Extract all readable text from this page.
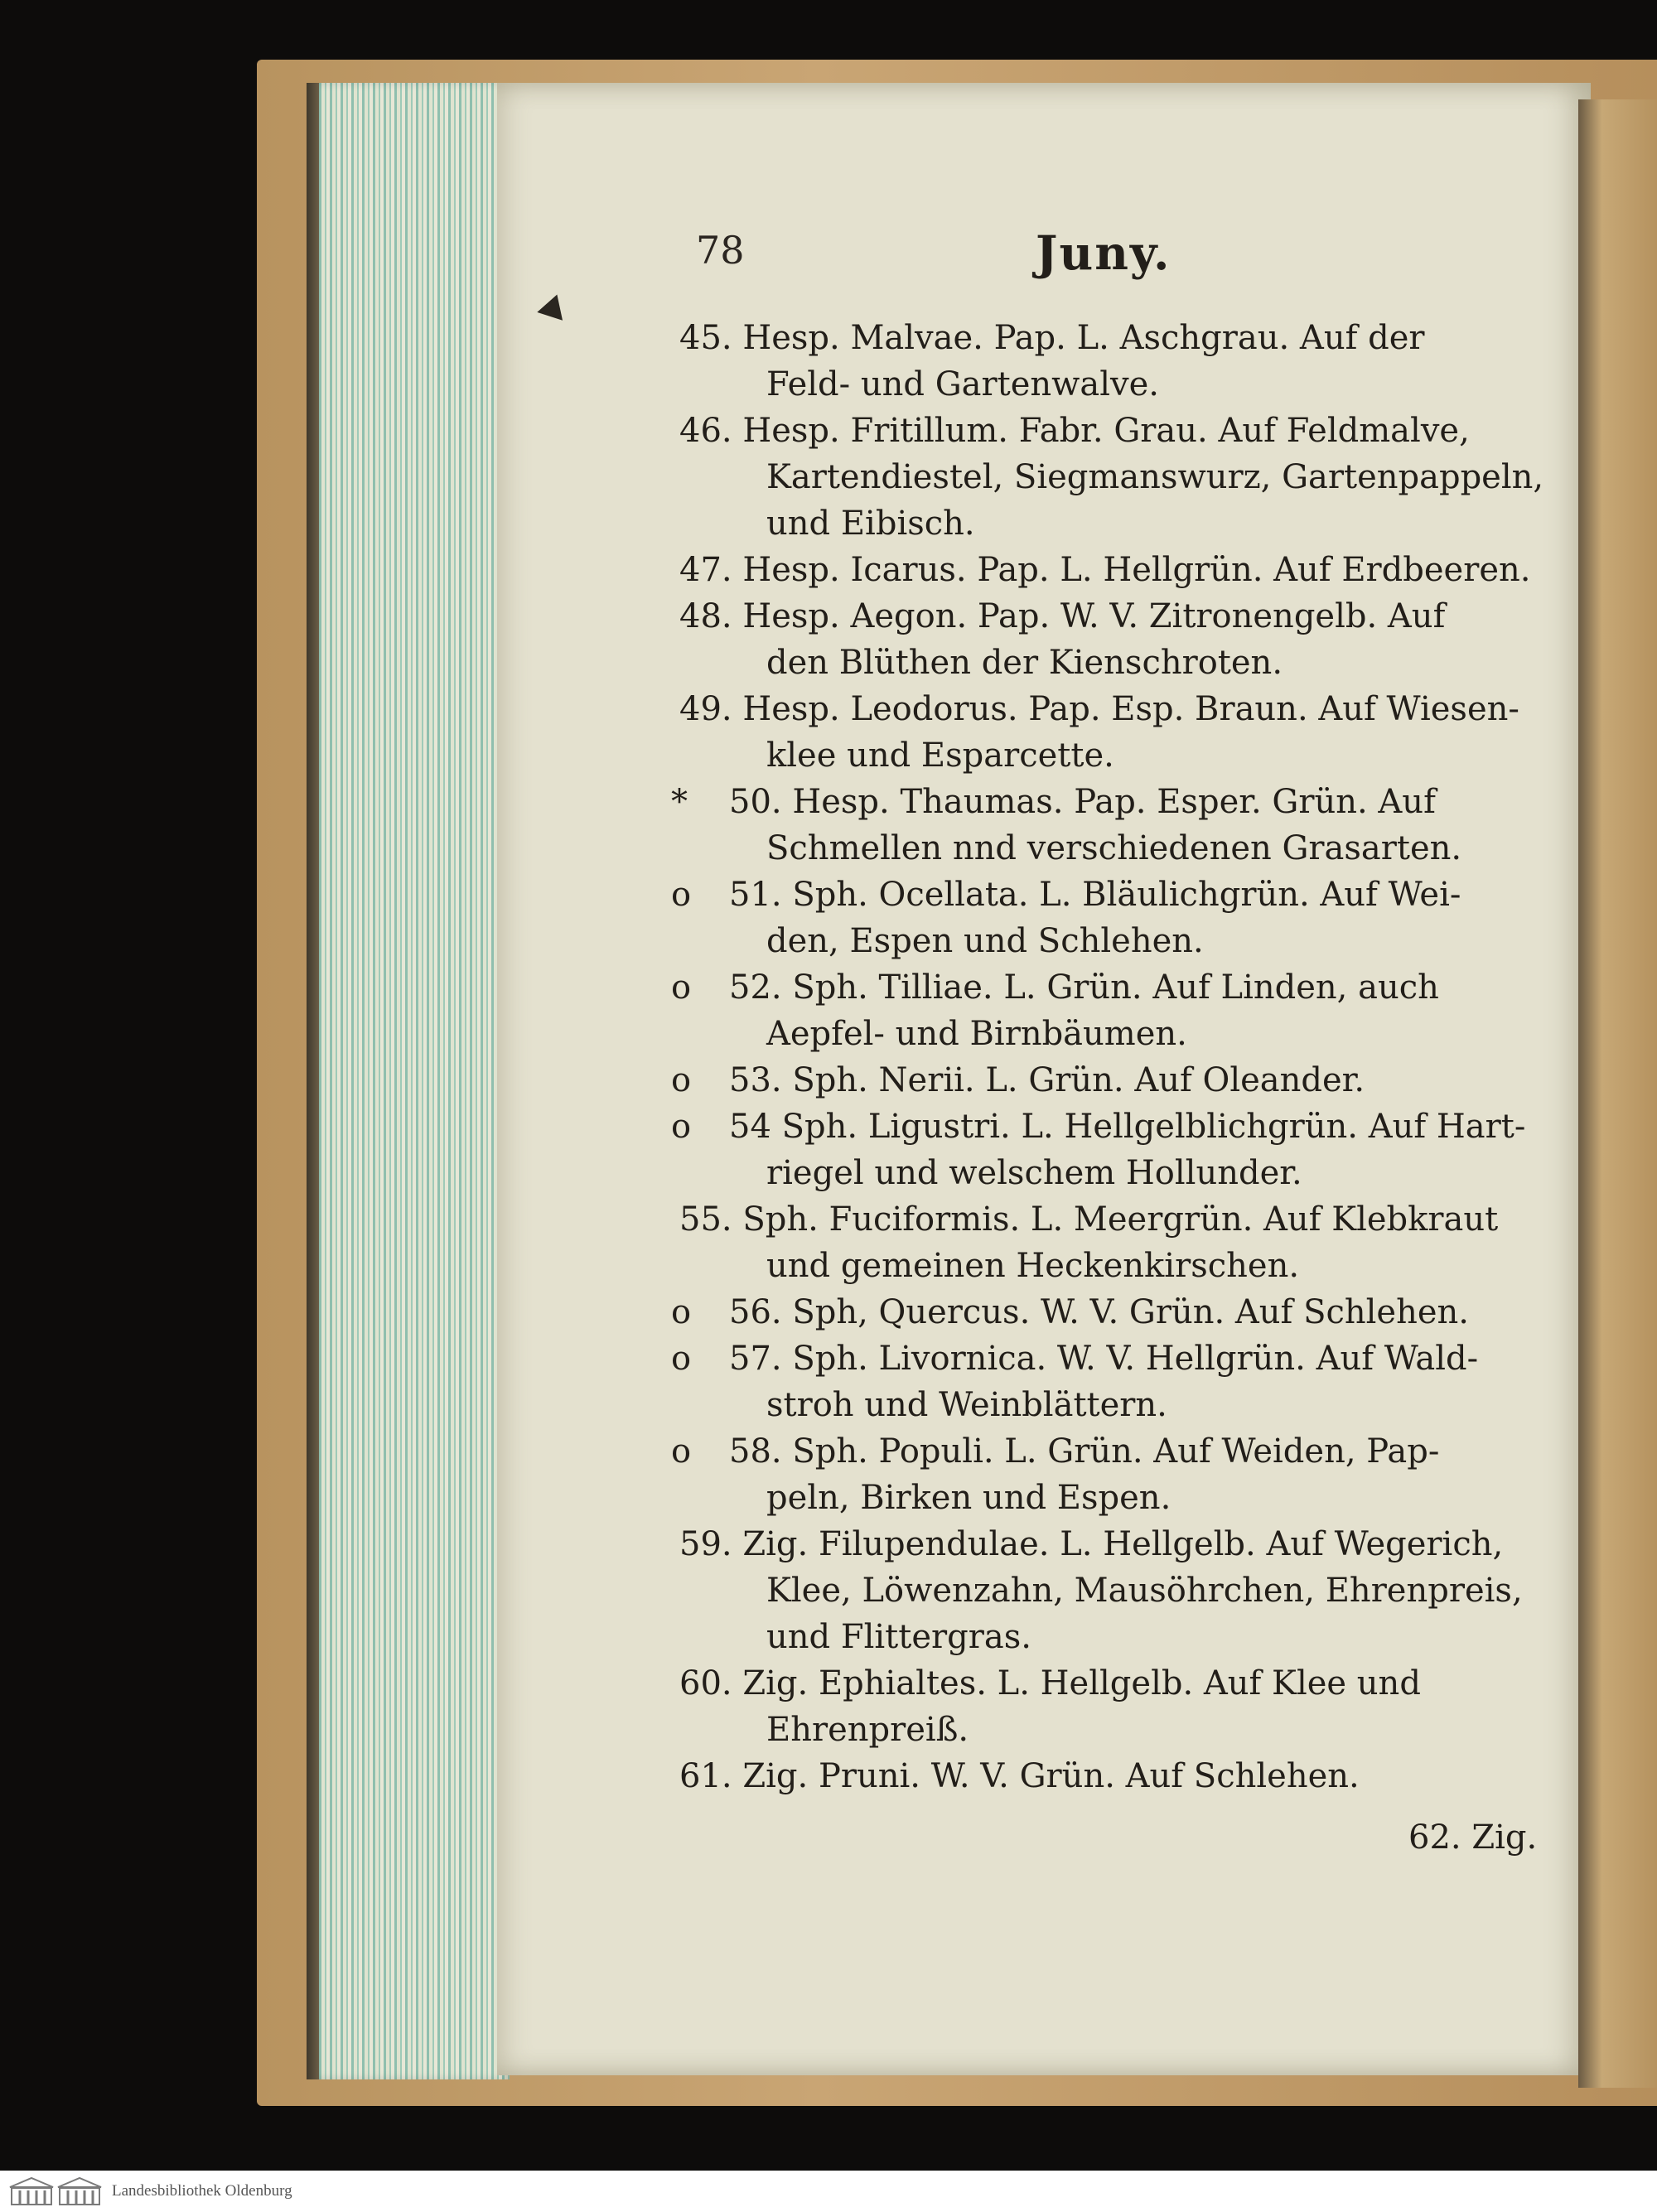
78	Juny.
45. Hesp. Malvae. Pap. L. Aschgrau. Auf der
Feld- und Gartenwalve.
46. Hesp. Fritillum. Fabr. Grau. Auf Feldmalve,
Kartendiestel, Siegmanswurz, Gartenpappeln,
und Eibisch.
47. Hesp. Icarus. Pap. L. Hellgrün. Auf Erdbeeren.
48. Hesp. Aegon. Pap. W. V. Zitronengelb. Auf
den Blüthen der Kienschroten.
49. Hesp. Leodorus. Pap. Esp. Braun. Auf Wiesen-
klee und Esparcette.
*	50. Hesp. Thaumas. Pap. Esper. Grün. Auf
Schmellen nnd verschiedenen Grasarten.
o	51. Sph. Ocellata. L. Bläulichgrün. Auf Wei-
den, Espen und Schlehen.
o	52. Sph. Tilliae. L. Grün. Auf Linden, auch
Aepfel- und Birnbäumen.
o	53. Sph. Nerii. L. Grün. Auf Oleander.
o	54 Sph. Ligustri. L. Hellgelblichgrün. Auf Hart-
riegel und welschem Hollunder.
55. Sph. Fuciformis. L. Meergrün. Auf Klebkraut
und gemeinen Heckenkirschen.
o	56. Sph, Quercus. W. V. Grün. Auf Schlehen.
o	57. Sph. Livornica. W. V. Hellgrün. Auf Wald-
stroh und Weinblättern.
o	58. Sph. Populi. L. Grün. Auf Weiden, Pap-
peln, Birken und Espen.
59. Zig. Filupendulae. L. Hellgelb. Auf Wegerich,
Klee, Löwenzahn, Mausöhrchen, Ehrenpreis,
und Flittergras.
60. Zig. Ephialtes. L. Hellgelb. Auf Klee und
Ehrenpreiß.
61. Zig. Pruni. W. V. Grün. Auf Schlehen.
62. Zig.
Landesbibliothek Oldenburg
